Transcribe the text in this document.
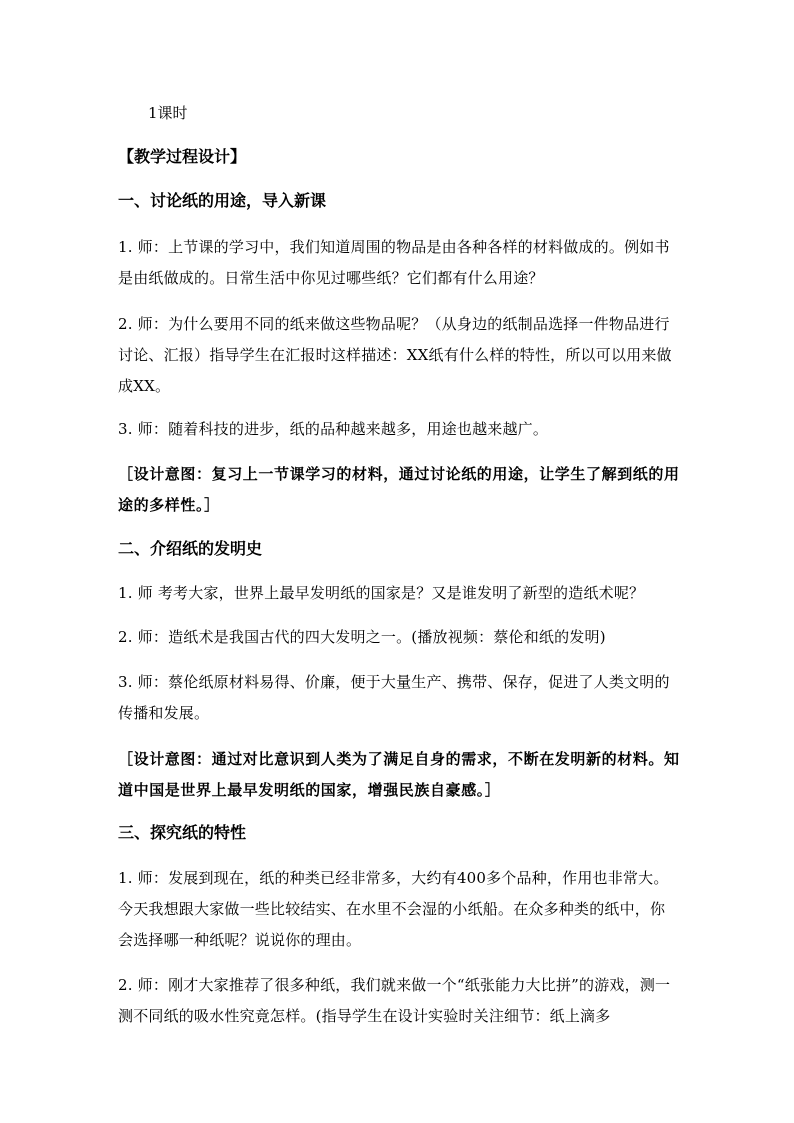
1课时
【教学过程设计】
一、讨论纸的用途，导入新课
1. 师：上节课的学习中，我们知道周围的物品是由各种各样的材料做成的。例如书是由纸做成的。日常生活中你见过哪些纸？它们都有什么用途？
2. 师：为什么要用不同的纸来做这些物品呢？（从身边的纸制品选择一件物品进行讨论、汇报）指导学生在汇报时这样描述：XX纸有什么样的特性，所以可以用来做成XX。
3. 师：随着科技的进步，纸的品种越来越多，用途也越来越广。
［设计意图：复习上一节课学习的材料，通过讨论纸的用途，让学生了解到纸的用途的多样性。］
二、介绍纸的发明史
1. 师 考考大家，世界上最早发明纸的国家是？又是谁发明了新型的造纸术呢？
2. 师：造纸术是我国古代的四大发明之一。(播放视频：蔡伦和纸的发明)
3. 师：蔡伦纸原材料易得、价廉，便于大量生产、携带、保存，促进了人类文明的传播和发展。
［设计意图：通过对比意识到人类为了满足自身的需求，不断在发明新的材料。知道中国是世界上最早发明纸的国家，增强民族自豪感。］
三、探究纸的特性
1. 师：发展到现在，纸的种类已经非常多，大约有400多个品种，作用也非常大。今天我想跟大家做一些比较结实、在水里不会湿的小纸船。在众多种类的纸中，你会选择哪一种纸呢？说说你的理由。
2. 师：刚才大家推荐了很多种纸，我们就来做一个“纸张能力大比拼”的游戏，测一测不同纸的吸水性究竟怎样。(指导学生在设计实验时关注细节：纸上滴多
